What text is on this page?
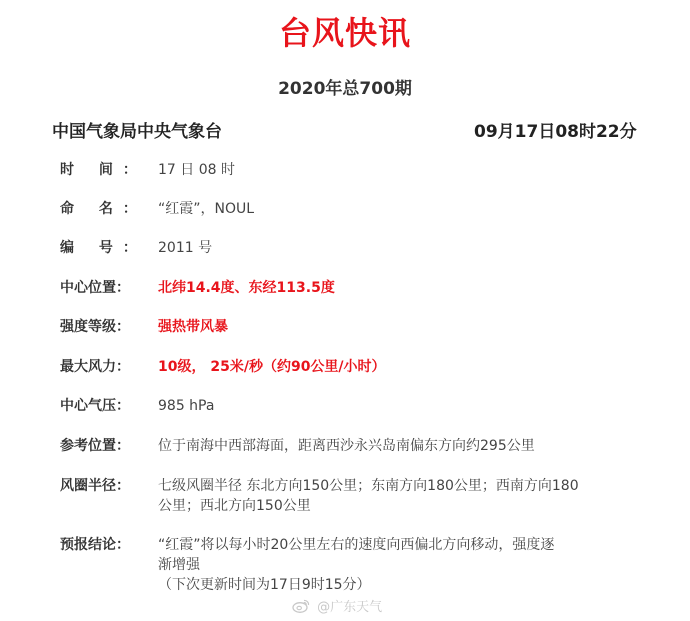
台风快讯
2020年总700期
中国气象局中央气象台	09月17日08时22分
时 间： 17 日 08 时
命 名： “红霞”，NOUL
编 号： 2011 号
中心位置：	北纬14.4度、东经113.5度
强度等级：	强热带风暴
最大风力：	10级， 25米/秒（约90公里/小时）
中心气压：	985 hPa
参考位置：	位于南海中西部海面，距离西沙永兴岛南偏东方向约295公里
风圈半径：	七级风圈半径 东北方向150公里；东南方向180公里；西南方向180
公里；西北方向150公里
预报结论：	“红霞”将以每小时20公里左右的速度向西偏北方向移动，强度逐
渐增强
（下次更新时间为17日9时15分）
@广东天气
